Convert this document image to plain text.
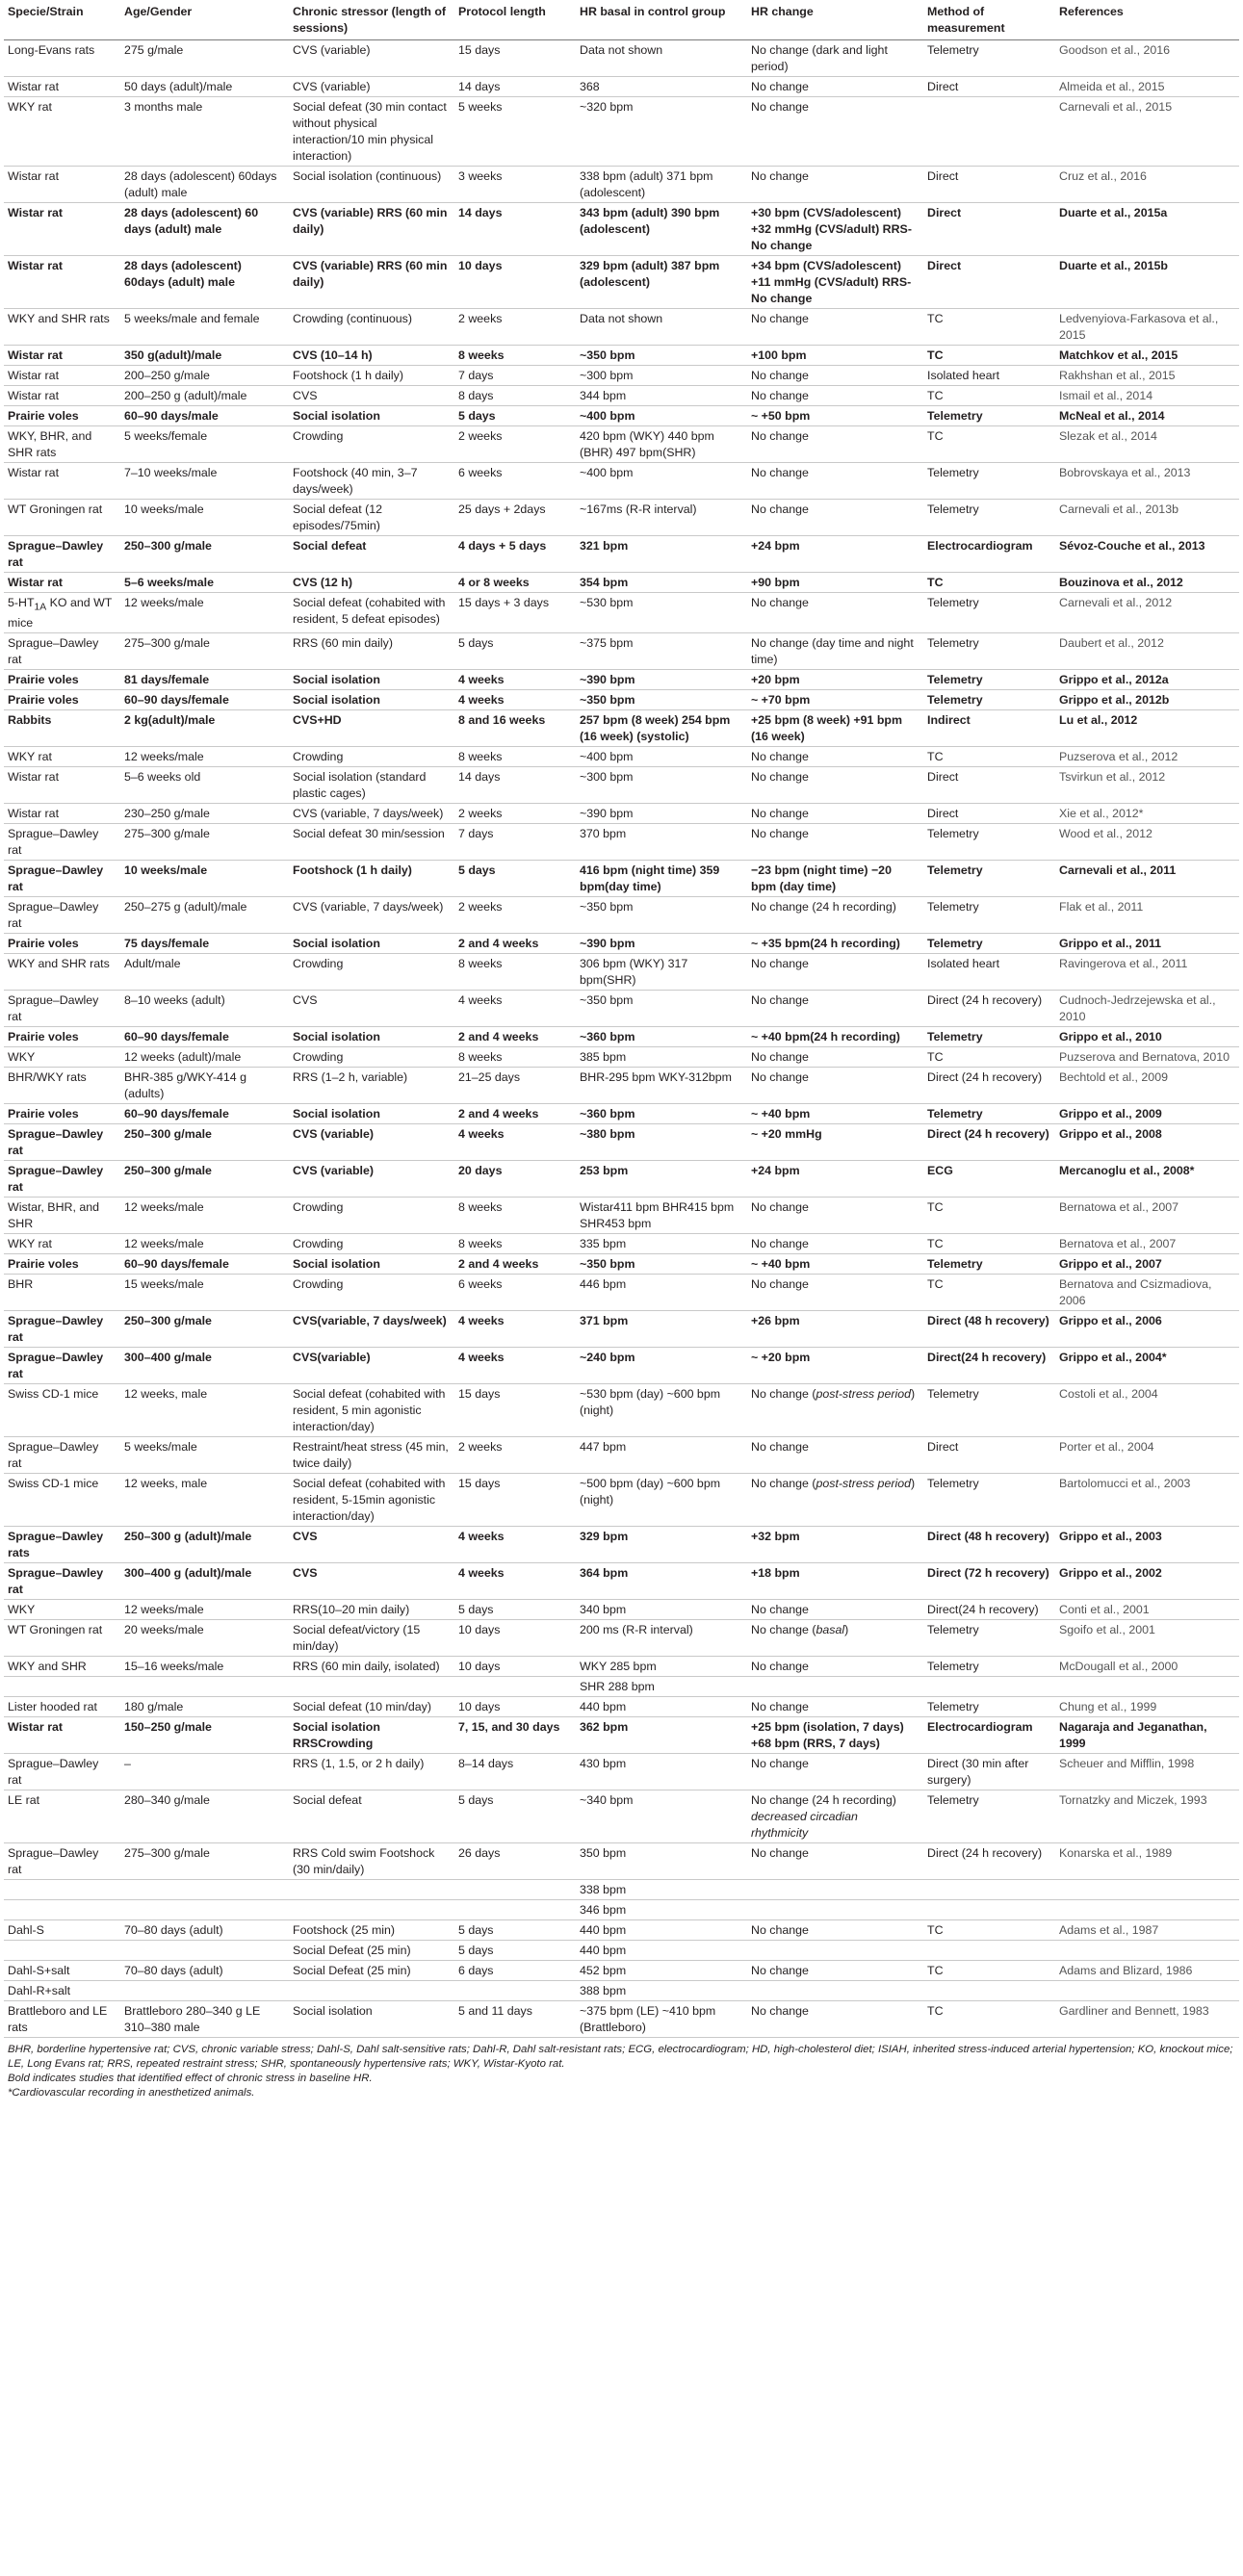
Specie/Strain	Age/Gender	Chronic stressor (length of sessions)	Protocol length	HR basal in control group	HR change	Method of measurement	References
Long-Evans rats	275 g/male	CVS (variable)	15 days	Data not shown	No change (dark and light period)	Telemetry	Goodson et al., 2016
Wistar rat	50 days (adult)/male	CVS (variable)	14 days	368	No change	Direct	Almeida et al., 2015
WKY rat	3 months male	Social defeat (30 min contact without physical interaction/10 min physical interaction)	5 weeks	~320 bpm	No change		Carnevali et al., 2015
Wistar rat	28 days (adolescent) 60days (adult) male	Social isolation (continuous)	3 weeks	338 bpm (adult) 371 bpm (adolescent)	No change	Direct	Cruz et al., 2016
Wistar rat	28 days (adolescent) 60 days (adult) male	CVS (variable) RRS (60 min daily)	14 days	343 bpm (adult) 390 bpm (adolescent)	+30 bpm (CVS/adolescent) +32 mmHg (CVS/adult) RRS-No change	Direct	Duarte et al., 2015a
Wistar rat	28 days (adolescent) 60days (adult) male	CVS (variable) RRS (60 min daily)	10 days	329 bpm (adult) 387 bpm (adolescent)	+34 bpm (CVS/adolescent) +11 mmHg (CVS/adult) RRS-No change	Direct	Duarte et al., 2015b
WKY and SHR rats	5 weeks/male and female	Crowding (continuous)	2 weeks	Data not shown	No change	TC	Ledvenyiova-Farkasova et al., 2015
Wistar rat	350 g(adult)/male	CVS (10–14 h)	8 weeks	~350 bpm	+100 bpm	TC	Matchkov et al., 2015
Wistar rat	200–250 g/male	Footshock (1 h daily)	7 days	~300 bpm	No change	Isolated heart	Rakhshan et al., 2015
Wistar rat	200–250 g (adult)/male	CVS	8 days	344 bpm	No change	TC	Ismail et al., 2014
Prairie voles	60–90 days/male	Social isolation	5 days	~400 bpm	~ +50 bpm	Telemetry	McNeal et al., 2014
WKY, BHR, and SHR rats	5 weeks/female	Crowding	2 weeks	420 bpm (WKY) 440 bpm (BHR) 497 bpm(SHR)	No change	TC	Slezak et al., 2014
Wistar rat	7–10 weeks/male	Footshock (40 min, 3–7 days/week)	6 weeks	~400 bpm	No change	Telemetry	Bobrovskaya et al., 2013
WT Groningen rat	10 weeks/male	Social defeat (12 episodes/75min)	25 days + 2days	~167ms (R-R interval)	No change	Telemetry	Carnevali et al., 2013b
Sprague–Dawley rat	250–300 g/male	Social defeat	4 days + 5 days	321 bpm	+24 bpm	Electrocardiogram	Sévoz-Couche et al., 2013
Wistar rat	5–6 weeks/male	CVS (12 h)	4 or 8 weeks	354 bpm	+90 bpm	TC	Bouzinova et al., 2012
$5-HT_{1A}$ KO and WT mice	12 weeks/male	Social defeat (cohabited with resident, 5 defeat episodes)	15 days + 3 days	~530 bpm	No change	Telemetry	Carnevali et al., 2012
Sprague–Dawley rat	275–300 g/male	RRS (60 min daily)	5 days	~375 bpm	No change (day time and night time)	Telemetry	Daubert et al., 2012
Prairie voles	81 days/female	Social isolation	4 weeks	~390 bpm	+20 bpm	Telemetry	Grippo et al., 2012a
Prairie voles	60–90 days/female	Social isolation	4 weeks	~350 bpm	~ +70 bpm	Telemetry	Grippo et al., 2012b
Rabbits	2 kg(adult)/male	CVS+HD	8 and 16 weeks	257 bpm (8 week) 254 bpm (16 week) (systolic)	+25 bpm (8 week) +91 bpm (16 week)	Indirect	Lu et al., 2012
WKY rat	12 weeks/male	Crowding	8 weeks	~400 bpm	No change	TC	Puzserova et al., 2012
Wistar rat	5–6 weeks old	Social isolation (standard plastic cages)	14 days	~300 bpm	No change	Direct	Tsvirkun et al., 2012
Wistar rat	230–250 g/male	CVS (variable, 7 days/week)	2 weeks	~390 bpm	No change	Direct	Xie et al., 2012*
Sprague–Dawley rat	275–300 g/male	Social defeat 30 min/session	7 days	370 bpm	No change	Telemetry	Wood et al., 2012
Sprague–Dawley rat	10 weeks/male	Footshock (1 h daily)	5 days	416 bpm (night time) 359 bpm(day time)	−23 bpm (night time) −20 bpm (day time)	Telemetry	Carnevali et al., 2011
Sprague–Dawley rat	250–275 g (adult)/male	CVS (variable, 7 days/week)	2 weeks	~350 bpm	No change (24 h recording)	Telemetry	Flak et al., 2011
Prairie voles	75 days/female	Social isolation	2 and 4 weeks	~390 bpm	~ +35 bpm(24 h recording)	Telemetry	Grippo et al., 2011
WKY and SHR rats	Adult/male	Crowding	8 weeks	306 bpm (WKY) 317 bpm(SHR)	No change	Isolated heart	Ravingerova et al., 2011
Sprague–Dawley rat	8–10 weeks (adult)	CVS	4 weeks	~350 bpm	No change	Direct (24 h recovery)	Cudnoch-Jedrzejewska et al., 2010
Prairie voles	60–90 days/female	Social isolation	2 and 4 weeks	~360 bpm	~ +40 bpm(24 h recording)	Telemetry	Grippo et al., 2010
WKY	12 weeks (adult)/male	Crowding	8 weeks	385 bpm	No change	TC	Puzserova and Bernatova, 2010
BHR/WKY rats	BHR-385 g/WKY-414 g (adults)	RRS (1–2 h, variable)	21–25 days	BHR-295 bpm WKY-312bpm	No change	Direct (24 h recovery)	Bechtold et al., 2009
Prairie voles	60–90 days/female	Social isolation	2 and 4 weeks	~360 bpm	~ +40 bpm	Telemetry	Grippo et al., 2009
Sprague–Dawley rat	250–300 g/male	CVS (variable)	4 weeks	~380 bpm	~ +20 mmHg	Direct (24 h recovery)	Grippo et al., 2008
Sprague–Dawley rat	250–300 g/male	CVS (variable)	20 days	253 bpm	+24 bpm	ECG	Mercanoglu et al., 2008*
Wistar, BHR, and SHR	12 weeks/male	Crowding	8 weeks	Wistar411 bpm BHR415 bpm SHR453 bpm	No change	TC	Bernatowa et al., 2007
WKY rat	12 weeks/male	Crowding	8 weeks	335 bpm	No change	TC	Bernatova et al., 2007
Prairie voles	60–90 days/female	Social isolation	2 and 4 weeks	~350 bpm	~ +40 bpm	Telemetry	Grippo et al., 2007
BHR	15 weeks/male	Crowding	6 weeks	446 bpm	No change	TC	Bernatova and Csizmadiova, 2006
Sprague–Dawley rat	250–300 g/male	CVS(variable, 7 days/week)	4 weeks	371 bpm	+26 bpm	Direct (48 h recovery)	Grippo et al., 2006
Sprague–Dawley rat	300–400 g/male	CVS(variable)	4 weeks	~240 bpm	~ +20 bpm	Direct(24 h recovery)	Grippo et al., 2004*
Swiss CD-1 mice	12 weeks, male	Social defeat (cohabited with resident, 5 min agonistic interaction/day)	15 days	~530 bpm (day) ~600 bpm (night)	No change (post-stress period)	Telemetry	Costoli et al., 2004
Sprague–Dawley rat	5 weeks/male	Restraint/heat stress (45 min, twice daily)	2 weeks	447 bpm	No change	Direct	Porter et al., 2004
Swiss CD-1 mice	12 weeks, male	Social defeat (cohabited with resident, 5-15min agonistic interaction/day)	15 days	~500 bpm (day) ~600 bpm (night)	No change (post-stress period)	Telemetry	Bartolomucci et al., 2003
Sprague–Dawley rats	250–300 g (adult)/male	CVS	4 weeks	329 bpm	+32 bpm	Direct (48 h recovery)	Grippo et al., 2003
Sprague–Dawley rat	300–400 g (adult)/male	CVS	4 weeks	364 bpm	+18 bpm	Direct (72 h recovery)	Grippo et al., 2002
WKY	12 weeks/male	RRS(10–20 min daily)	5 days	340 bpm	No change	Direct(24 h recovery)	Conti et al., 2001
WT Groningen rat	20 weeks/male	Social defeat/victory (15 min/day)	10 days	200 ms (R-R interval)	No change (basal)	Telemetry	Sgoifo et al., 2001
WKY and SHR	15–16 weeks/male	RRS (60 min daily, isolated)	10 days	WKY 285 bpm	No change	Telemetry	McDougall et al., 2000
				SHR 288 bpm			
Lister hooded rat	180 g/male	Social defeat (10 min/day)	10 days	440 bpm	No change	Telemetry	Chung et al., 1999
Wistar rat	150–250 g/male	Social isolation RRSCrowding	7, 15, and 30 days	362 bpm	+25 bpm (isolation, 7 days) +68 bpm (RRS, 7 days)	Electrocardiogram	Nagaraja and Jeganathan, 1999
Sprague–Dawley rat	–	RRS (1, 1.5, or 2 h daily)	8–14 days	430 bpm	No change	Direct (30 min after surgery)	Scheuer and Mifflin, 1998
LE rat	280–340 g/male	Social defeat	5 days	~340 bpm	No change (24 h recording) decreased circadian rhythmicity	Telemetry	Tornatzky and Miczek, 1993
Sprague–Dawley rat	275–300 g/male	RRS Cold swim Footshock (30 min/daily)	26 days	350 bpm	No change	Direct (24 h recovery)	Konarska et al., 1989
				338 bpm			
				346 bpm			
Dahl-S	70–80 days (adult)	Footshock (25 min)	5 days	440 bpm	No change	TC	Adams et al., 1987
		Social Defeat (25 min)	5 days	440 bpm			
Dahl-S+salt	70–80 days (adult)	Social Defeat (25 min)	6 days	452 bpm	No change	TC	Adams and Blizard, 1986
Dahl-R+salt				388 bpm			
Brattleboro and LE rats	Brattleboro 280–340 g LE 310–380 male	Social isolation	5 and 11 days	~375 bpm (LE) ~410 bpm (Brattleboro)	No change	TC	Gardliner and Bennett, 1983
BHR, borderline hypertensive rat; CVS, chronic variable stress; Dahl-S, Dahl salt-sensitive rats; Dahl-R, Dahl salt-resistant rats; ECG, electrocardiogram; HD, high-cholesterol diet; ISIAH, inherited stress-induced arterial hypertension; KO, knockout mice; LE, Long Evans rat; RRS, repeated restraint stress; SHR, spontaneously hypertensive rats; WKY, Wistar-Kyoto rat.
Bold indicates studies that identified effect of chronic stress in baseline HR.
*Cardiovascular recording in anesthetized animals.
